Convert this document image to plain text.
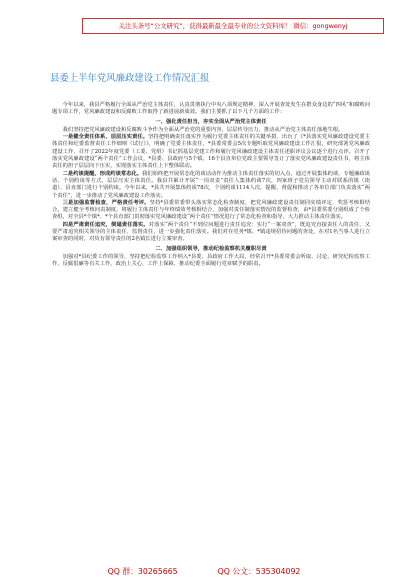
关注头条号“公文研究”，获得最新最全最专业的公文资料库！ 微信：gongwenyj
县委上半年党风廉政建设工作情况汇报

今年以来，我县严格履行全面从严治党主体责任，认真贯彻执行中央八项规定精神，深入开展查处发生在群众身边的“四风”和腐败问题专项工作，党风廉政建设和反腐败工作取得了新进展新成效。我们主要抓了以下几个方面的工作：

一、强化责任担当，夯实全面从严治党主体责任

我们坚持把党风廉政建设和反腐败斗争作为全面从严治党的重要内容，层层传导压力，推动从严治党主体责任落地生根。

一是健全责任体系，层层压实责任。坚持把明确责任落实作为履行党委主体责任的关键举措，出台了《*县落实党风廉政建设党委主体责任和纪委监督责任工作细则（试行）》，明确了党委主体责任，*县委常委会5次专题听取党风廉政建设工作汇报，研究部署党风廉政建设工作，召开了2022年度党委（工委、党组）书记抓基层党建工作和履行党风廉政建设主体责任述职评议会议逐个进行点评。召开了落实党风廉政建设“两个责任”工作会议，*县委、县政府与5个镇、16个县直单位党政主要领导签订了落实党风廉政建设责任书，将主体责任的担子层层向下压实，实现落实主体责任上下整体联动。

二是约谈提醒，形成约谈常态化。我们始终把开展常态化的谈话动作为推动主体责任落实的切入点，通过开展集体约谈、专题廉政谈话、个别约谈等方式，层层压实主体责任。我县共累计开展“一岗双责”责任人集体约谈7次，四家班子党员领导主动对联系的镇（街道）、县直部门进行个别约谈。今年以来，*县共开展集体约谈78次，个别约谈1114人次，提醒、督促和推动了各单位部门负责落实“两个责任”，进一步推动了党风廉政建设工作落实。

三是加强监督检查，严格责任考评。坚持*县委常委带头落实常态化检查制度，把党风廉政建设责任制同实绩评定、奖惩考核相结合，建立健全考核问责制度，将履行主体责任与年终绩效考核相结合，加强对责任制落实情况的监督检查，由*县委常委分别组成了个检查组，对全县*个镇*、*个县直部门贯彻落实党风廉政建设“两个责任”情况进行了常态化检查和指导，大力推动主体责任落实。

四是严肃责任追究，倒逼责任落实。对落实“两个责任”不到位问题进行责任追究：实行“一案双查”，既追究直接责任人的责任，又要严肃追究相关领导的主体责任、监督责任，进一步强化责任落实。我们对在党务*镇、*镇违规招待问题的查处，在对1名当事人进行立案审查的同时，对负有领导责任的2名镇长进行立案审查。

二、加强组织领导，推动纪检监察机关履职尽责

加强对*县纪委工作的领导，坚持把纪检监察工作纳入*县委、县政府工作大局，经常召开*县委常委会听取、讨论、研究纪检监察工作，反腐倡廉等有关工作，政治上关心，工作上保障，推动纪委全面履行党章赋予的职责。

QQ 群：30265665	QQ 公文：535304092
